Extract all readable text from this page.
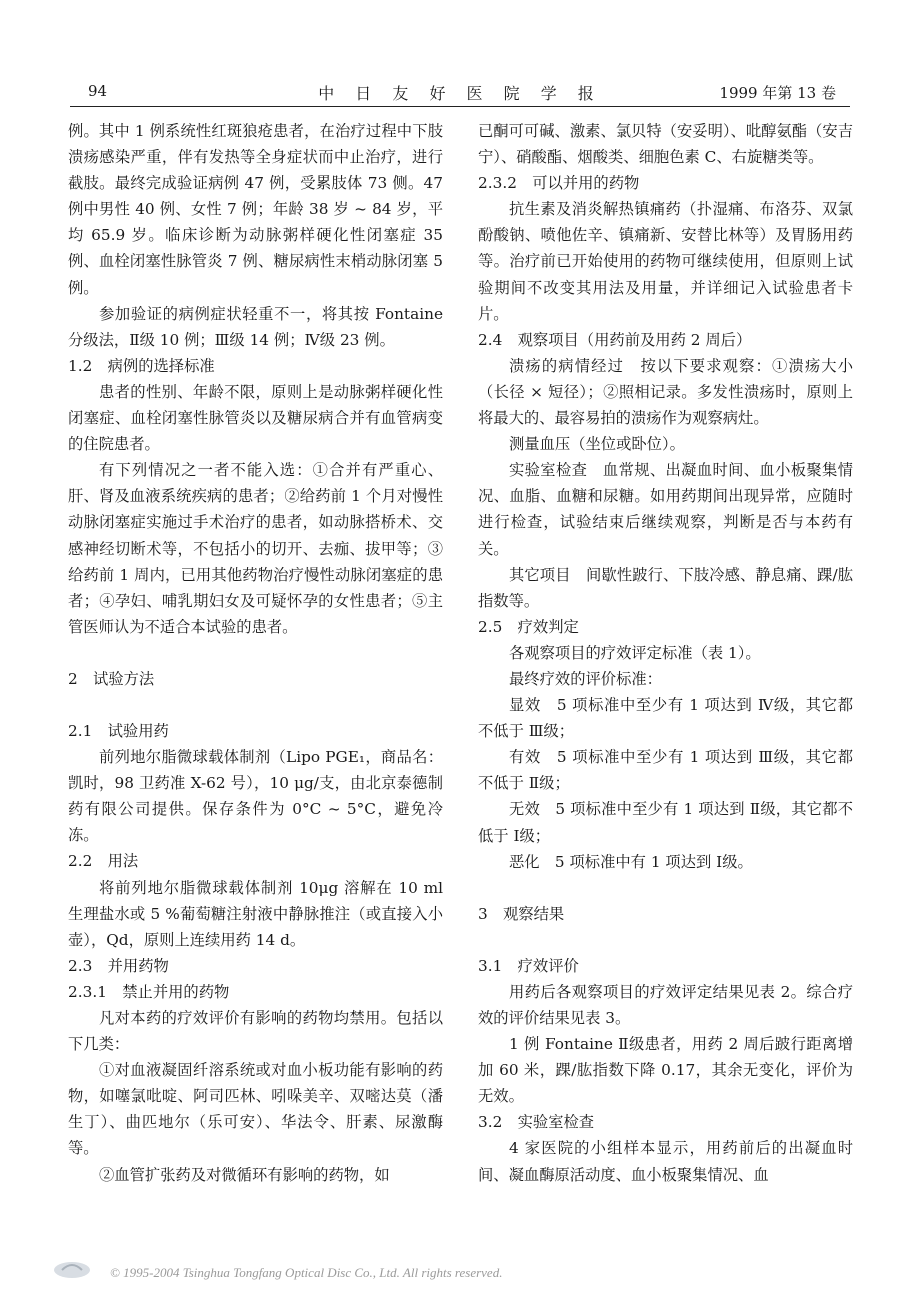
94	中 日 友 好 医 院 学 报	1999 年第 13 卷

例。其中 1 例系统性红斑狼疮患者，在治疗过程中下肢溃疡感染严重，伴有发热等全身症状而中止治疗，进行截肢。最终完成验证病例 47 例，受累肢体 73 侧。47 例中男性 40 例、女性 7 例；年龄 38 岁 ~ 84 岁，平均 65.9 岁。临床诊断为动脉粥样硬化性闭塞症 35 例、血栓闭塞性脉管炎 7 例、糖尿病性末梢动脉闭塞 5 例。

参加验证的病例症状轻重不一，将其按 Fontaine 分级法，Ⅱ级 10 例；Ⅲ级 14 例；Ⅳ级 23 例。

1.2　病例的选择标准

患者的性别、年龄不限，原则上是动脉粥样硬化性闭塞症、血栓闭塞性脉管炎以及糖尿病合并有血管病变的住院患者。

有下列情况之一者不能入选：①合并有严重心、肝、肾及血液系统疾病的患者；②给药前 1 个月对慢性动脉闭塞症实施过手术治疗的患者，如动脉搭桥术、交感神经切断术等，不包括小的切开、去痂、拔甲等；③给药前 1 周内，已用其他药物治疗慢性动脉闭塞症的患者；④孕妇、哺乳期妇女及可疑怀孕的女性患者；⑤主管医师认为不适合本试验的患者。

2　试验方法

2.1　试验用药

前列地尔脂微球载体制剂（Lipo PGE₁，商品名：凯时，98 卫药准 X-62 号），10 μg/支，由北京泰德制药有限公司提供。保存条件为 0°C ~ 5°C，避免冷冻。

2.2　用法

将前列地尔脂微球载体制剂 10μg 溶解在 10 ml 生理盐水或 5 %葡萄糖注射液中静脉推注（或直接入小壶），Qd，原则上连续用药 14 d。

2.3　并用药物

2.3.1　禁止并用的药物

凡对本药的疗效评价有影响的药物均禁用。包括以下几类：

①对血液凝固纤溶系统或对血小板功能有影响的药物，如噻氯吡啶、阿司匹林、吲哚美辛、双嘧达莫（潘生丁）、曲匹地尔（乐可安）、华法令、肝素、尿激酶等。

②血管扩张药及对微循环有影响的药物，如

已酮可可碱、激素、氯贝特（安妥明）、吡醇氨酯（安吉宁）、硝酸酯、烟酸类、细胞色素 C、右旋糖类等。

2.3.2　可以并用的药物

抗生素及消炎解热镇痛药（扑湿痛、布洛芬、双氯酚酸钠、喷他佐辛、镇痛新、安替比林等）及胃肠用药等。治疗前已开始使用的药物可继续使用，但原则上试验期间不改变其用法及用量，并详细记入试验患者卡片。

2.4　观察项目（用药前及用药 2 周后）

溃疡的病情经过　按以下要求观察：①溃疡大小（长径 × 短径）；②照相记录。多发性溃疡时，原则上将最大的、最容易拍的溃疡作为观察病灶。

测量血压（坐位或卧位）。

实验室检查　血常规、出凝血时间、血小板聚集情况、血脂、血糖和尿糖。如用药期间出现异常，应随时进行检查，试验结束后继续观察，判断是否与本药有关。

其它项目　间歇性跛行、下肢冷感、静息痛、踝/肱指数等。

2.5　疗效判定

各观察项目的疗效评定标准（表 1）。

最终疗效的评价标准：

显效　5 项标准中至少有 1 项达到 Ⅳ级，其它都不低于 Ⅲ级；

有效　5 项标准中至少有 1 项达到 Ⅲ级，其它都不低于 Ⅱ级；

无效　5 项标准中至少有 1 项达到 Ⅱ级，其它都不低于 Ⅰ级；

恶化　5 项标准中有 1 项达到 Ⅰ级。

3　观察结果

3.1　疗效评价

用药后各观察项目的疗效评定结果见表 2。综合疗效的评价结果见表 3。

1 例 Fontaine Ⅱ级患者，用药 2 周后跛行距离增加 60 米，踝/肱指数下降 0.17，其余无变化，评价为无效。

3.2　实验室检查

4 家医院的小组样本显示，用药前后的出凝血时间、凝血酶原活动度、血小板聚集情况、血

© 1995-2004 Tsinghua Tongfang Optical Disc Co., Ltd. All rights reserved.
